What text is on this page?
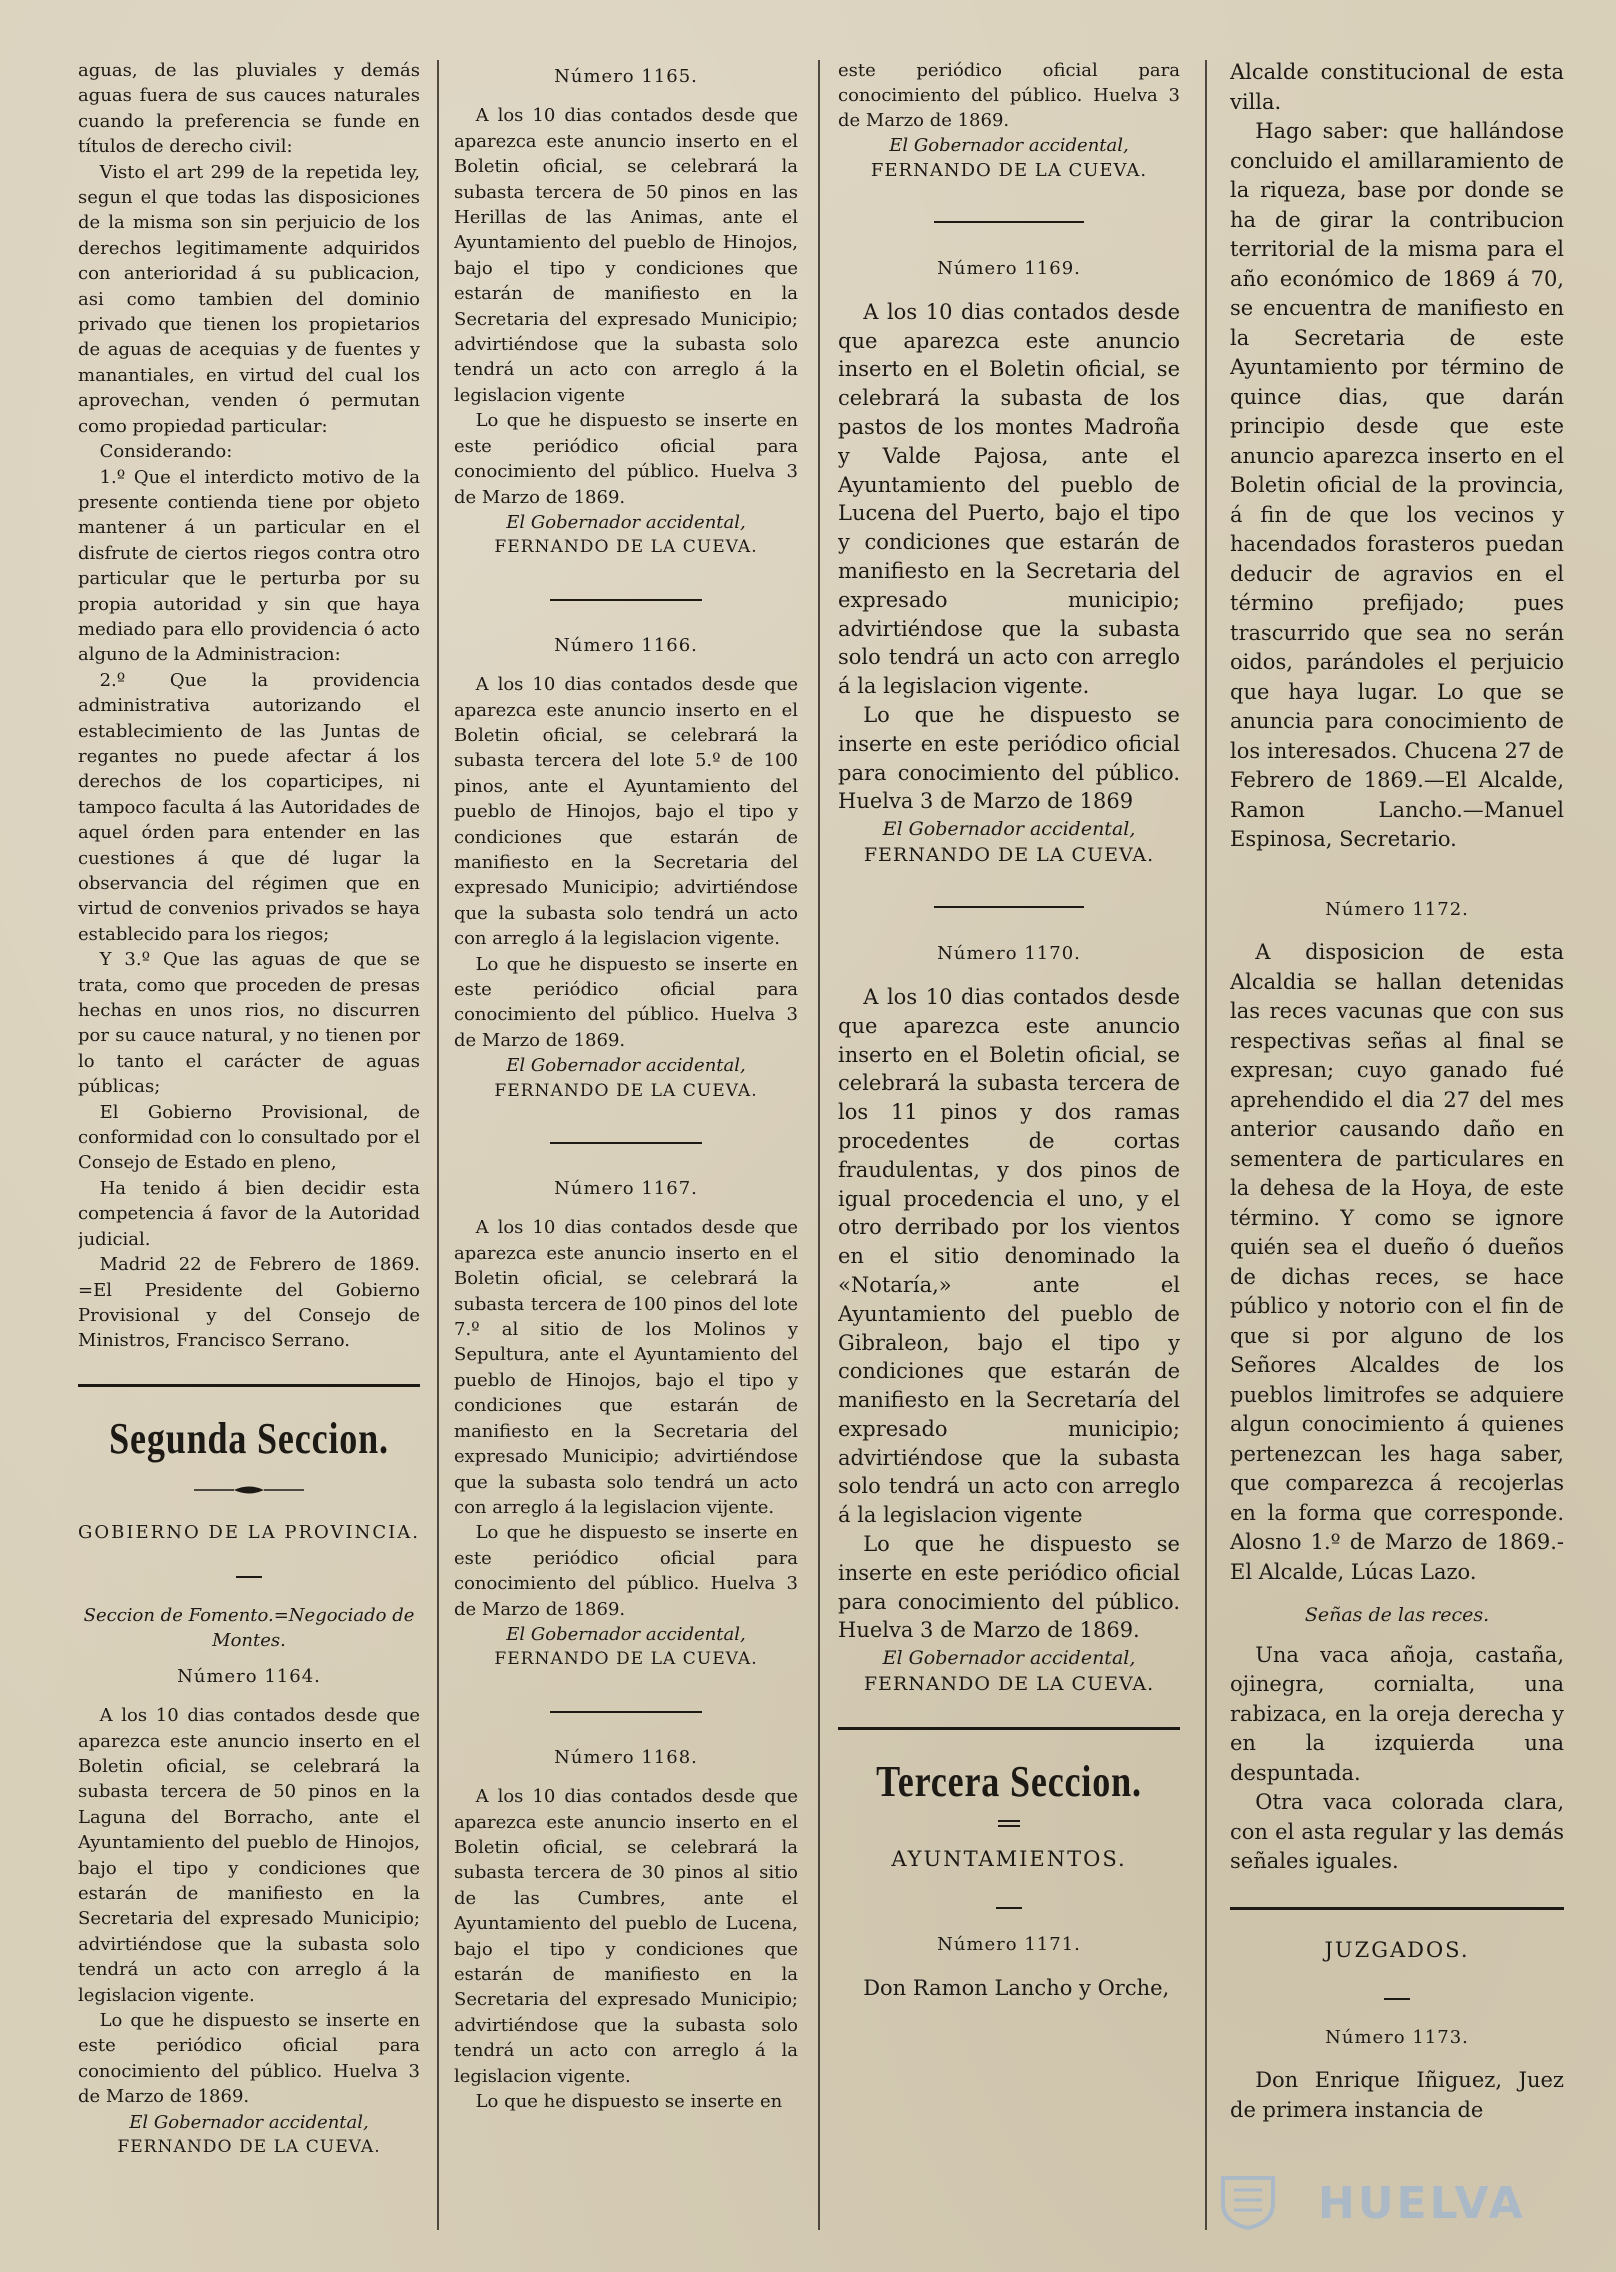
aguas, de las pluviales y demás aguas fuera de sus cauces naturales cuando la preferencia se funde en títulos de derecho civil:

Visto el art 299 de la repetida ley, segun el que todas las disposiciones de la misma son sin perjuicio de los derechos legitimamente adquiridos con anterioridad á su publicacion, asi como tambien del dominio privado que tienen los propietarios de aguas de acequias y de fuentes y manantiales, en virtud del cual los aprovechan, venden ó permutan como propiedad particular:

Considerando:

1.º Que el interdicto motivo de la presente contienda tiene por objeto mantener á un particular en el disfrute de ciertos riegos contra otro particular que le perturba por su propia autoridad y sin que haya mediado para ello providencia ó acto alguno de la Administracion:

2.º Que la providencia administrativa autorizando el establecimiento de las Juntas de regantes no puede afectar á los derechos de los coparticipes, ni tampoco faculta á las Autoridades de aquel órden para entender en las cuestiones á que dé lugar la observancia del régimen que en virtud de convenios privados se haya establecido para los riegos;

Y 3.º Que las aguas de que se trata, como que proceden de presas hechas en unos rios, no discurren por su cauce natural, y no tienen por lo tanto el carácter de aguas públicas;

El Gobierno Provisional, de conformidad con lo consultado por el Consejo de Estado en pleno,

Ha tenido á bien decidir esta competencia á favor de la Autoridad judicial.

Madrid 22 de Febrero de 1869. =El Presidente del Gobierno Provisional y del Consejo de Ministros, Francisco Serrano.

Segunda Seccion.
GOBIERNO DE LA PROVINCIA.
Seccion de Fomento.=Negociado de Montes.
Número 1164.

A los 10 dias contados desde que aparezca este anuncio inserto en el Boletin oficial, se celebrará la subasta tercera de 50 pinos en la Laguna del Borracho, ante el Ayuntamiento del pueblo de Hinojos, bajo el tipo y condiciones que estarán de manifiesto en la Secretaria del expresado Municipio; advirtiéndose que la subasta solo tendrá un acto con arreglo á la legislacion vigente.

Lo que he dispuesto se inserte en este periódico oficial para conocimiento del público. Huelva 3 de Marzo de 1869.

El Gobernador accidental,

FERNANDO DE LA CUEVA.

Número 1165.

A los 10 dias contados desde que aparezca este anuncio inserto en el Boletin oficial, se celebrará la subasta tercera de 50 pinos en las Herillas de las Animas, ante el Ayuntamiento del pueblo de Hinojos, bajo el tipo y condiciones que estarán de manifiesto en la Secretaria del expresado Municipio; advirtiéndose que la subasta solo tendrá un acto con arreglo á la legislacion vigente

Lo que he dispuesto se inserte en este periódico oficial para conocimiento del público. Huelva 3 de Marzo de 1869.

El Gobernador accidental,

FERNANDO DE LA CUEVA.

Número 1166.

A los 10 dias contados desde que aparezca este anuncio inserto en el Boletin oficial, se celebrará la subasta tercera del lote 5.º de 100 pinos, ante el Ayuntamiento del pueblo de Hinojos, bajo el tipo y condiciones que estarán de manifiesto en la Secretaria del expresado Municipio; advirtiéndose que la subasta solo tendrá un acto con arreglo á la legislacion vigente.

Lo que he dispuesto se inserte en este periódico oficial para conocimiento del público. Huelva 3 de Marzo de 1869.

El Gobernador accidental,

FERNANDO DE LA CUEVA.

Número 1167.

A los 10 dias contados desde que aparezca este anuncio inserto en el Boletin oficial, se celebrará la subasta tercera de 100 pinos del lote 7.º al sitio de los Molinos y Sepultura, ante el Ayuntamiento del pueblo de Hinojos, bajo el tipo y condiciones que estarán de manifiesto en la Secretaria del expresado Municipio; advirtiéndose que la subasta solo tendrá un acto con arreglo á la legislacion vijente.

Lo que he dispuesto se inserte en este periódico oficial para conocimiento del público. Huelva 3 de Marzo de 1869.

El Gobernador accidental,

FERNANDO DE LA CUEVA.

Número 1168.

A los 10 dias contados desde que aparezca este anuncio inserto en el Boletin oficial, se celebrará la subasta tercera de 30 pinos al sitio de las Cumbres, ante el Ayuntamiento del pueblo de Lucena, bajo el tipo y condiciones que estarán de manifiesto en la Secretaria del expresado Municipio; advirtiéndose que la subasta solo tendrá un acto con arreglo á la legislacion vigente.

Lo que he dispuesto se inserte en

este periódico oficial para conocimiento del público. Huelva 3 de Marzo de 1869.

El Gobernador accidental,

FERNANDO DE LA CUEVA.

Número 1169.

A los 10 dias contados desde que aparezca este anuncio inserto en el Boletin oficial, se celebrará la subasta de los pastos de los montes Madroña y Valde Pajosa, ante el Ayuntamiento del pueblo de Lucena del Puerto, bajo el tipo y condiciones que estarán de manifiesto en la Secretaria del expresado municipio; advirtiéndose que la subasta solo tendrá un acto con arreglo á la legislacion vigente.

Lo que he dispuesto se inserte en este periódico oficial para conocimiento del público. Huelva 3 de Marzo de 1869

El Gobernador accidental,

FERNANDO DE LA CUEVA.

Número 1170.

A los 10 dias contados desde que aparezca este anuncio inserto en el Boletin oficial, se celebrará la subasta tercera de los 11 pinos y dos ramas procedentes de cortas fraudulentas, y dos pinos de igual procedencia el uno, y el otro derribado por los vientos en el sitio denominado la «Notaría,» ante el Ayuntamiento del pueblo de Gibraleon, bajo el tipo y condiciones que estarán de manifiesto en la Secretaría del expresado municipio; advirtiéndose que la subasta solo tendrá un acto con arreglo á la legislacion vigente

Lo que he dispuesto se inserte en este periódico oficial para conocimiento del público. Huelva 3 de Marzo de 1869.

El Gobernador accidental,

FERNANDO DE LA CUEVA.

Tercera Seccion.
AYUNTAMIENTOS.
Número 1171.

Don Ramon Lancho y Orche,

Alcalde constitucional de esta villa.

Hago saber: que hallándose concluido el amillaramiento de la riqueza, base por donde se ha de girar la contribucion territorial de la misma para el año económico de 1869 á 70, se encuentra de manifiesto en la Secretaria de este Ayuntamiento por término de quince dias, que darán principio desde que este anuncio aparezca inserto en el Boletin oficial de la provincia, á fin de que los vecinos y hacendados forasteros puedan deducir de agravios en el término prefijado; pues trascurrido que sea no serán oidos, parándoles el perjuicio que haya lugar. Lo que se anuncia para conocimiento de los interesados. Chucena 27 de Febrero de 1869.—El Alcalde, Ramon Lancho.—Manuel Espinosa, Secretario.

Número 1172.

A disposicion de esta Alcaldia se hallan detenidas las reces vacunas que con sus respectivas señas al final se expresan; cuyo ganado fué aprehendido el dia 27 del mes anterior causando daño en sementera de particulares en la dehesa de la Hoya, de este término. Y como se ignore quién sea el dueño ó dueños de dichas reces, se hace público y notorio con el fin de que si por alguno de los Señores Alcaldes de los pueblos limitrofes se adquiere algun conocimiento á quienes pertenezcan les haga saber, que comparezca á recojerlas en la forma que corresponde. Alosno 1.º de Marzo de 1869.-El Alcalde, Lúcas Lazo.

Señas de las reces.

Una vaca añoja, castaña, ojinegra, cornialta, una rabizaca, en la oreja derecha y en la izquierda una despuntada.

Otra vaca colorada clara, con el asta regular y las demás señales iguales.

JUZGADOS.
Número 1173.

Don Enrique Iñiguez, Juez de primera instancia de

HUELVA
